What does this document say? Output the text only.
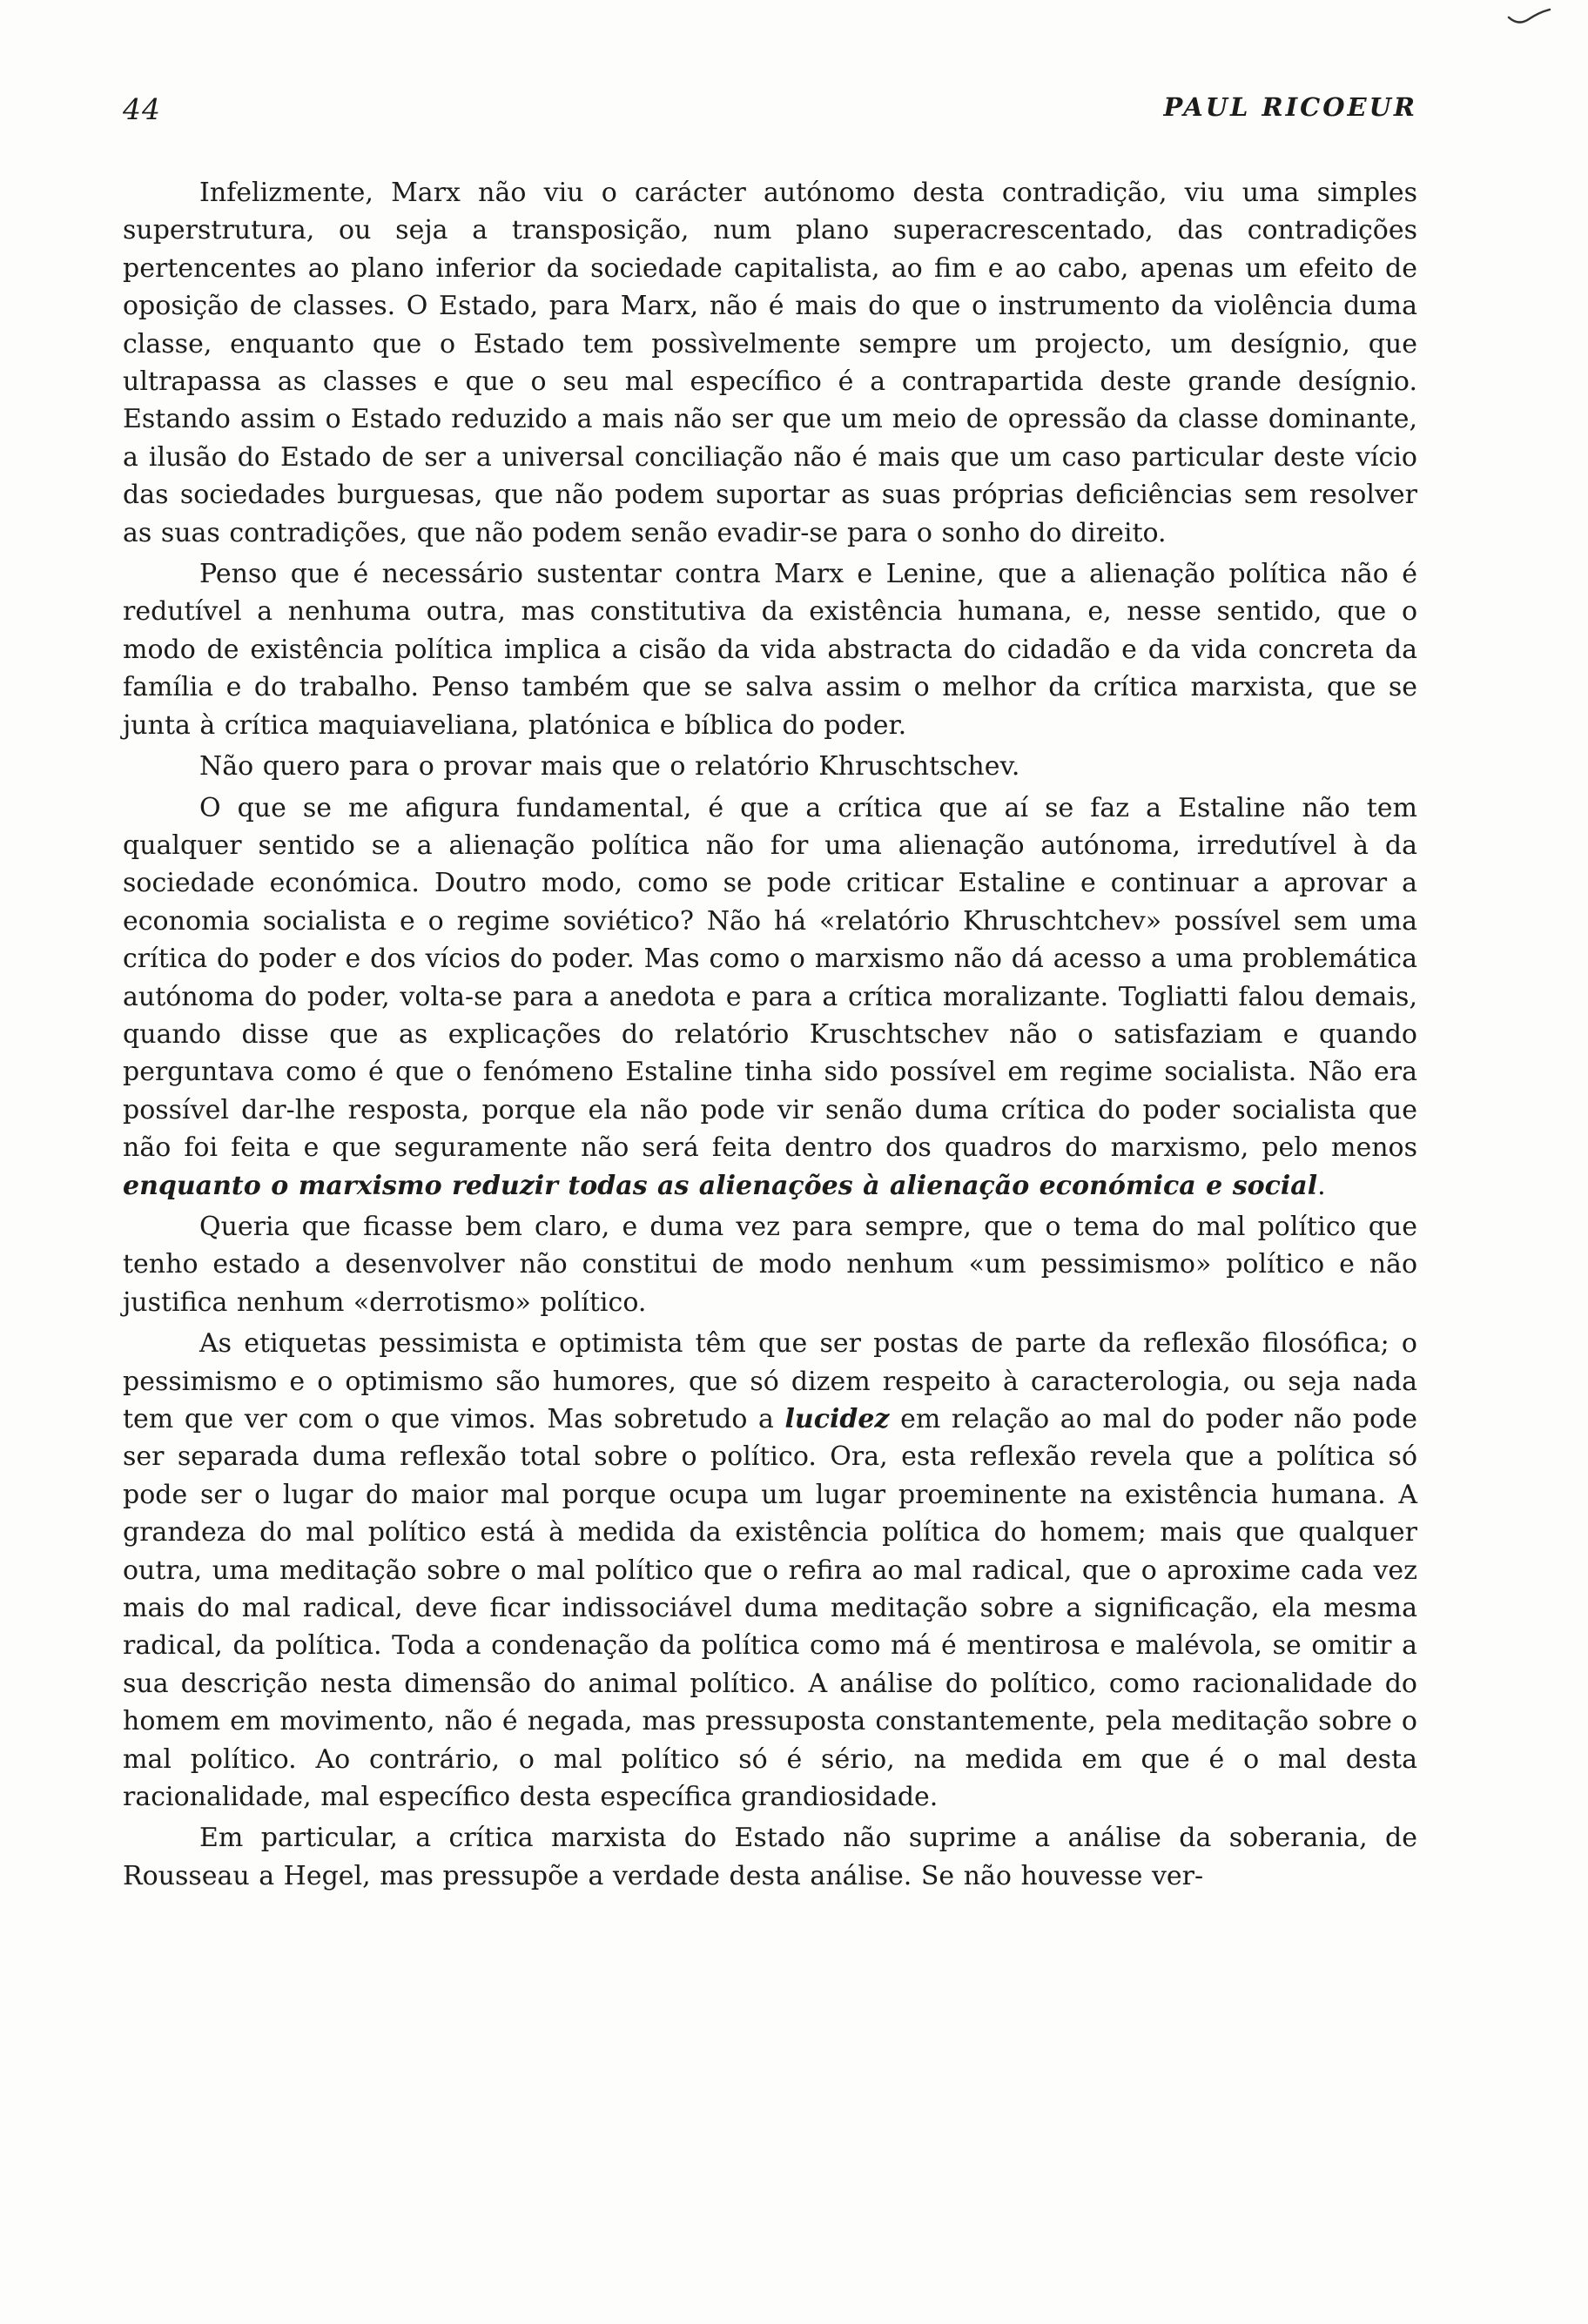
44	PAUL RICOEUR

Infelizmente, Marx não viu o carácter autónomo desta contradição, viu uma simples superstrutura, ou seja a transposição, num plano superacrescentado, das contradições pertencentes ao plano inferior da sociedade capitalista, ao fim e ao cabo, apenas um efeito de oposição de classes. O Estado, para Marx, não é mais do que o instrumento da violência duma classe, enquanto que o Estado tem possìvelmente sempre um projecto, um desígnio, que ultrapassa as classes e que o seu mal específico é a contrapartida deste grande desígnio. Estando assim o Estado reduzido a mais não ser que um meio de opressão da classe dominante, a ilusão do Estado de ser a universal conciliação não é mais que um caso particular deste vício das sociedades burguesas, que não podem suportar as suas próprias deficiências sem resolver as suas contradições, que não podem senão evadir-se para o sonho do direito.

Penso que é necessário sustentar contra Marx e Lenine, que a alienação política não é redutível a nenhuma outra, mas constitutiva da existência humana, e, nesse sentido, que o modo de existência política implica a cisão da vida abstracta do cidadão e da vida concreta da família e do trabalho. Penso também que se salva assim o melhor da crítica marxista, que se junta à crítica maquiaveliana, platónica e bíblica do poder.

Não quero para o provar mais que o relatório Khruschtschev.

O que se me afigura fundamental, é que a crítica que aí se faz a Estaline não tem qualquer sentido se a alienação política não for uma alienação autónoma, irredutível à da sociedade económica. Doutro modo, como se pode criticar Estaline e continuar a aprovar a economia socialista e o regime soviético? Não há «relatório Khruschtchev» possível sem uma crítica do poder e dos vícios do poder. Mas como o marxismo não dá acesso a uma problemática autónoma do poder, volta-se para a anedota e para a crítica moralizante. Togliatti falou demais, quando disse que as explicações do relatório Kruschtschev não o satisfaziam e quando perguntava como é que o fenómeno Estaline tinha sido possível em regime socialista. Não era possível dar-lhe resposta, porque ela não pode vir senão duma crítica do poder socialista que não foi feita e que seguramente não será feita dentro dos quadros do marxismo, pelo menos enquanto o marxismo reduzir todas as alienações à alienação económica e social.

Queria que ficasse bem claro, e duma vez para sempre, que o tema do mal político que tenho estado a desenvolver não constitui de modo nenhum «um pessimismo» político e não justifica nenhum «derrotismo» político.

As etiquetas pessimista e optimista têm que ser postas de parte da reflexão filosófica; o pessimismo e o optimismo são humores, que só dizem respeito à caracterologia, ou seja nada tem que ver com o que vimos. Mas sobretudo a lucidez em relação ao mal do poder não pode ser separada duma reflexão total sobre o político. Ora, esta reflexão revela que a política só pode ser o lugar do maior mal porque ocupa um lugar proeminente na existência humana. A grandeza do mal político está à medida da existência política do homem; mais que qualquer outra, uma meditação sobre o mal político que o refira ao mal radical, que o aproxime cada vez mais do mal radical, deve ficar indissociável duma meditação sobre a significação, ela mesma radical, da política. Toda a condenação da política como má é mentirosa e malévola, se omitir a sua descrição nesta dimensão do animal político. A análise do político, como racionalidade do homem em movimento, não é negada, mas pressuposta constantemente, pela meditação sobre o mal político. Ao contrário, o mal político só é sério, na medida em que é o mal desta racionalidade, mal específico desta específica grandiosidade.

Em particular, a crítica marxista do Estado não suprime a análise da soberania, de Rousseau a Hegel, mas pressupõe a verdade desta análise. Se não houvesse ver-
